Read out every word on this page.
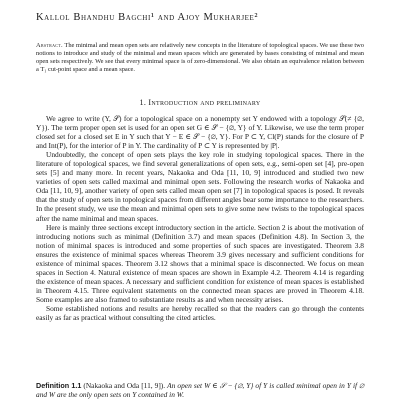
Kallol Bhandhu Bagchi¹ and Ajoy Mukharjee²
Abstract. The minimal and mean open sets are relatively new concepts in the literature of topological spaces. We use these two notions to introduce and study of the minimal and mean spaces which are generated by bases consisting of minimal and mean open sets respectively. We see that every minimal space is of zero-dimensional. We also obtain an equivalence relation between a T₁ cut-point space and a mean space.
1. Introduction and preliminary

We agree to write (Y, 𝒮) for a topological space on a nonempty set Y endowed with a topology 𝒮(≠ {∅, Y}). The term proper open set is used for an open set G ∈ 𝒮 − {∅, Y} of Y. Likewise, we use the term proper closed set for a closed set E in Y such that Y − E ∈ 𝒮 − {∅, Y}. For P ⊂ Y, Cl(P) stands for the closure of P and Int(P), for the interior of P in Y. The cardinality of P ⊂ Y is represented by |P|.

Undoubtedly, the concept of open sets plays the key role in studying topological spaces. There in the literature of topological spaces, we find several generalizations of open sets, e.g., semi-open set [4], pre-open sets [5] and many more. In recent years, Nakaoka and Oda [11, 10, 9] introduced and studied two new varieties of open sets called maximal and minimal open sets. Following the research works of Nakaoka and Oda [11, 10, 9], another variety of open sets called mean open set [7] in topological spaces is posed. It reveals that the study of open sets in topological spaces from different angles bear some importance to the researchers. In the present study, we use the mean and minimal open sets to give some new twists to the topological spaces after the name minimal and mean spaces.

Here is mainly three sections except introductory section in the article. Section 2 is about the motivation of introducing notions such as minimal (Definition 3.7) and mean spaces (Definition 4.8). In Section 3, the notion of minimal spaces is introduced and some properties of such spaces are investigated. Theorem 3.8 ensures the existence of minimal spaces whereas Theorem 3.9 gives necessary and sufficient conditions for existence of minimal spaces. Theorem 3.12 shows that a minimal space is disconnected. We focus on mean spaces in Section 4. Natural existence of mean spaces are shown in Example 4.2. Theorem 4.14 is regarding the existence of mean spaces. A necessary and sufficient condition for existence of mean spaces is established in Theorem 4.15. Three equivalent statements on the connected mean spaces are proved in Theorem 4.18. Some examples are also framed to substantiate results as and when necessity arises.

Some established notions and results are hereby recalled so that the readers can go through the contents easily as far as practical without consulting the cited articles.

Definition 1.1 (Nakaoka and Oda [11, 9]). An open set W ∈ 𝒮 − {∅, Y} of Y is called minimal open in Y if ∅ and W are the only open sets on Y contained in W.
